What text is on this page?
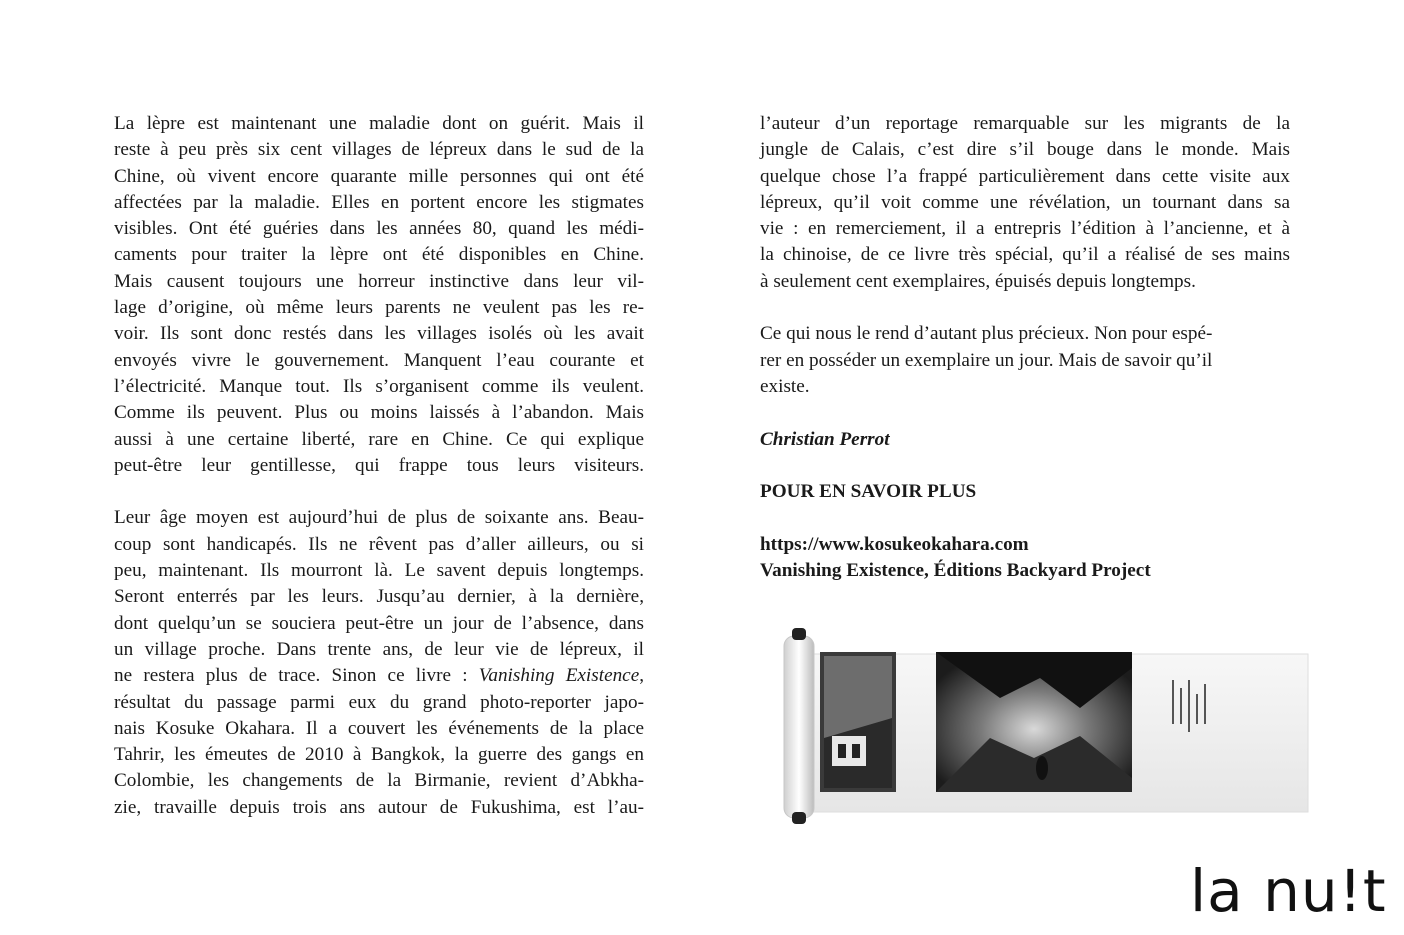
La lèpre est maintenant une maladie dont on guérit. Mais il
reste à peu près six cent villages de lépreux dans le sud de la
Chine, où vivent encore quarante mille personnes qui ont été
affectées par la maladie. Elles en portent encore les stigmates
visibles. Ont été guéries dans les années 80, quand les médi-
caments pour traiter la lèpre ont été disponibles en Chine.
Mais causent toujours une horreur instinctive dans leur vil-
lage d’origine, où même leurs parents ne veulent pas les re-
voir. Ils sont donc restés dans les villages isolés où les avait
envoyés vivre le gouvernement. Manquent l’eau courante et
l’électricité. Manque tout. Ils s’organisent comme ils veulent.
Comme ils peuvent. Plus ou moins laissés à l’abandon. Mais
aussi à une certaine liberté, rare en Chine. Ce qui explique
peut-être leur gentillesse, qui frappe tous leurs visiteurs.

Leur âge moyen est aujourd’hui de plus de soixante ans. Beau-
coup sont handicapés. Ils ne rêvent pas d’aller ailleurs, ou si
peu, maintenant. Ils mourront là. Le savent depuis longtemps.
Seront enterrés par les leurs. Jusqu’au dernier, à la dernière,
dont quelqu’un se souciera peut-être un jour de l’absence, dans
un village proche. Dans trente ans, de leur vie de lépreux, il
ne restera plus de trace. Sinon ce livre : Vanishing Existence,
résultat du passage parmi eux du grand photo-reporter japo-
nais Kosuke Okahara. Il a couvert les événements de la place
Tahrir, les émeutes de 2010 à Bangkok, la guerre des gangs en
Colombie, les changements de la Birmanie, revient d’Abkha-
zie, travaille depuis trois ans autour de Fukushima, est l’au-

l’auteur d’un reportage remarquable sur les migrants de la
jungle de Calais, c’est dire s’il bouge dans le monde. Mais
quelque chose l’a frappé particulièrement dans cette visite aux
lépreux, qu’il voit comme une révélation, un tournant dans sa
vie : en remerciement, il a entrepris l’édition à l’ancienne, et à
la chinoise, de ce livre très spécial, qu’il a réalisé de ses mains
à seulement cent exemplaires, épuisés depuis longtemps.

Ce qui nous le rend d’autant plus précieux. Non pour espé-
rer en posséder un exemplaire un jour. Mais de savoir qu’il
existe.

Christian Perrot

POUR EN SAVOIR PLUS

https://www.kosukeokahara.com

Vanishing Existence, Éditions Backyard Project

la nu!t
